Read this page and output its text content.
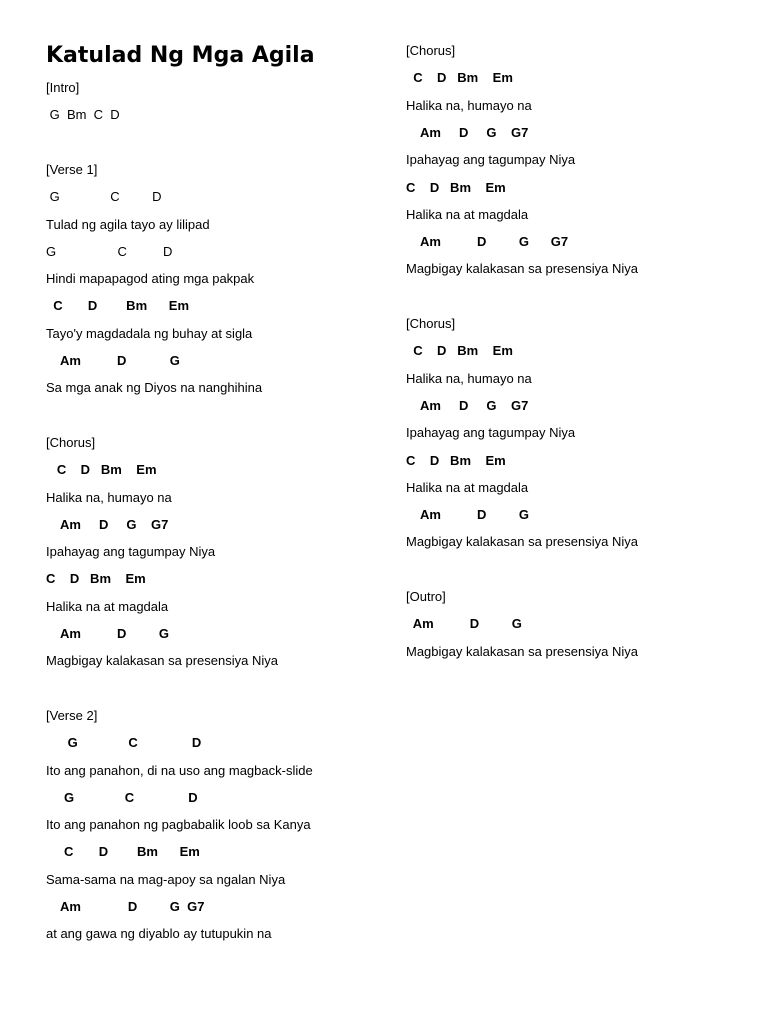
Katulad Ng Mga Agila
[Intro]
G  Bm  C  D
[Verse 1]
G              C         D
Tulad ng agila tayo ay lilipad
G                 C          D
Hindi mapapagod ating mga pakpak
C       D        Bm      Em
Tayo'y magdadala ng buhay at sigla
Am          D            G
Sa mga anak ng Diyos na nanghihina
[Chorus]
C    D   Bm    Em
Halika na, humayo na
Am     D     G    G7
Ipahayag ang tagumpay Niya
C    D   Bm    Em
Halika na at magdala
Am          D         G
Magbigay kalakasan sa presensiya Niya
[Verse 2]
G              C               D
Ito ang panahon, di na uso ang magback-slide
G              C               D
Ito ang panahon ng pagbabalik loob sa Kanya
C       D        Bm      Em
Sama-sama na mag-apoy sa ngalan Niya
Am             D         G  G7
at ang gawa ng diyablo ay tutupukin na
[Chorus]
C    D   Bm    Em
Halika na, humayo na
Am     D     G    G7
Ipahayag ang tagumpay Niya
C    D   Bm    Em
Halika na at magdala
Am          D         G      G7
Magbigay kalakasan sa presensiya Niya
[Chorus]
C    D   Bm    Em
Halika na, humayo na
Am     D     G    G7
Ipahayag ang tagumpay Niya
C    D   Bm    Em
Halika na at magdala
Am          D         G
Magbigay kalakasan sa presensiya Niya
[Outro]
Am          D         G
Magbigay kalakasan sa presensiya Niya
